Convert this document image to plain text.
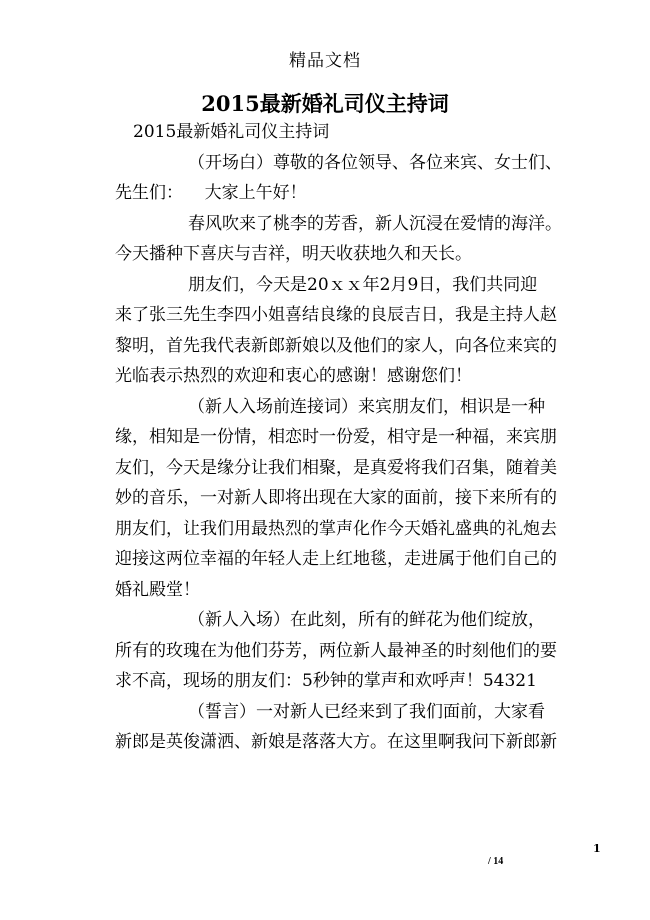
精品文档
2015最新婚礼司仪主持词
2015最新婚礼司仪主持词
（开场白）尊敬的各位领导、各位来宾、女士们、
先生们：    大家上午好！
春风吹来了桃李的芳香，新人沉浸在爱情的海洋。
今天播种下喜庆与吉祥，明天收获地久和天长。
朋友们，今天是20ｘｘ年2月9日，我们共同迎
来了张三先生李四小姐喜结良缘的良辰吉日，我是主持人赵
黎明，首先我代表新郎新娘以及他们的家人，向各位来宾的
光临表示热烈的欢迎和衷心的感谢！感谢您们！
（新人入场前连接词）来宾朋友们，相识是一种
缘，相知是一份情，相恋时一份爱，相守是一种福，来宾朋
友们，今天是缘分让我们相聚，是真爱将我们召集，随着美
妙的音乐，一对新人即将出现在大家的面前，接下来所有的
朋友们，让我们用最热烈的掌声化作今天婚礼盛典的礼炮去
迎接这两位幸福的年轻人走上红地毯，走进属于他们自己的
婚礼殿堂！
（新人入场）在此刻，所有的鲜花为他们绽放，
所有的玫瑰在为他们芬芳，两位新人最神圣的时刻他们的要
求不高，现场的朋友们：5秒钟的掌声和欢呼声！54321
（誓言）一对新人已经来到了我们面前，大家看
新郎是英俊潇洒、新娘是落落大方。在这里啊我问下新郎新
1
/ 14
